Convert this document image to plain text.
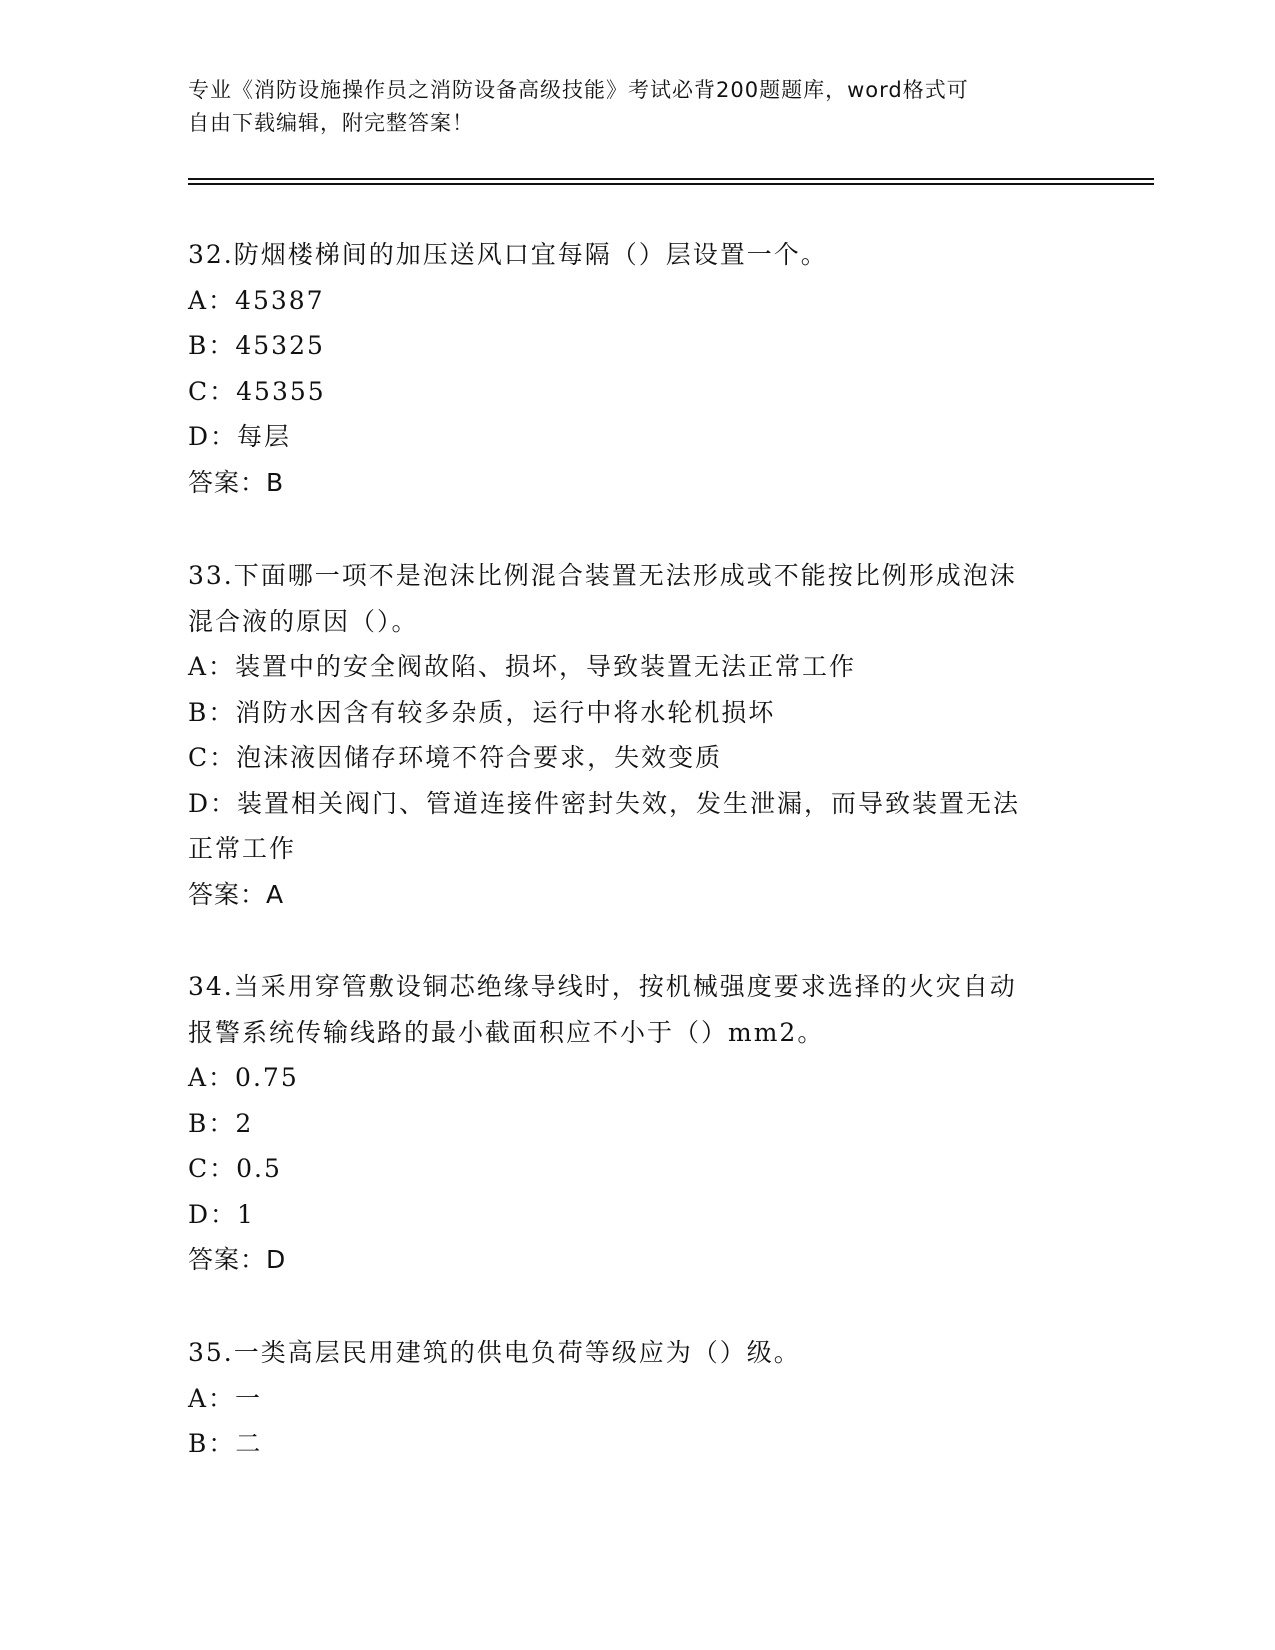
专业《消防设施操作员之消防设备高级技能》考试必背200题题库，word格式可
自由下载编辑，附完整答案！
32.防烟楼梯间的加压送风口宜每隔（）层设置一个。
A：45387
B：45325
C：45355
D：每层
答案：B
33.下面哪一项不是泡沫比例混合装置无法形成或不能按比例形成泡沫
混合液的原因（）。
A：装置中的安全阀故陷、损坏，导致装置无法正常工作
B：消防水因含有较多杂质，运行中将水轮机损坏
C：泡沫液因储存环境不符合要求，失效变质
D：装置相关阀门、管道连接件密封失效，发生泄漏，而导致装置无法
正常工作
答案：A
34.当采用穿管敷设铜芯绝缘导线时，按机械强度要求选择的火灾自动
报警系统传输线路的最小截面积应不小于（）mm2。
A：0.75
B：2
C：0.5
D：1
答案：D
35.一类高层民用建筑的供电负荷等级应为（）级。
A：一
B：二
